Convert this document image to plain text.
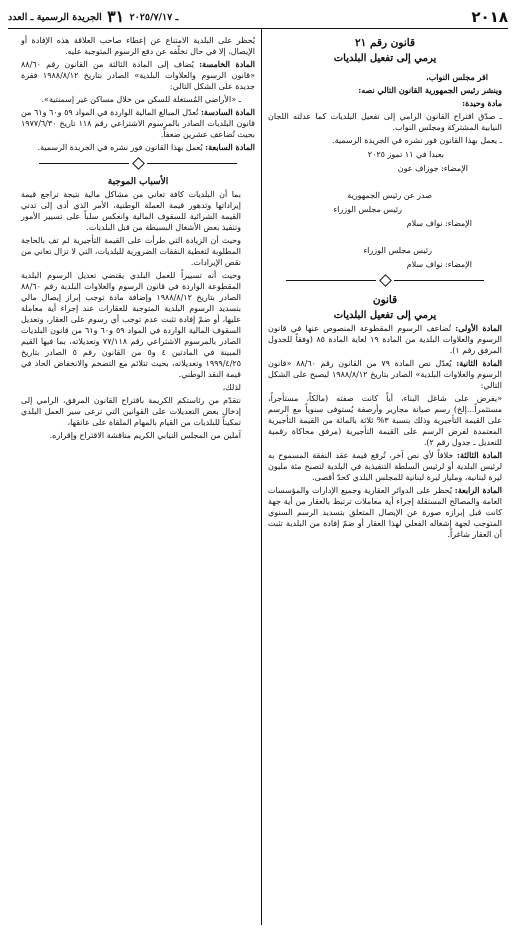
٢٠١٨
ـ ٢٠٢٥/٧/١٧ ٣١ الجريدة الرسمية ـ العدد
قانون رقم ٢١
يرمي إلى تفعيل البلديات

اقر مجلس النواب،

وينشر رئيس الجمهورية القانون التالي نصه:

مادة وحيدة:

ـ صدّق اقتراح القانون الرامي إلى تفعيل البلديات كما عدلته اللجان النيابية المشتركة ومجلس النواب.

ـ يعمل بهذا القانون فور نشره في الجريدة الرسمية.

بعبدا في ١١ تموز ٢٠٢٥
الإمضاء: جوزاف عون
صدر عن رئيس الجمهورية
رئيس مجلس الوزراء
الإمضاء: نواف سلام
رئيس مجلس الوزراء
الإمضاء: نواف سلام
قانون
يرمي إلى تفعيل البلديات

المادة الأولى: تُضاعف الرسوم المقطوعة المنصوص عنها في قانون الرسوم والعلاوات البلدية من المادة ١٩ لغاية المادة ٨٥ (وفقاً للجدول المرفق رقم ١).

المادة الثانية: يُعدّل نص المادة ٧٩ من القانون رقم ٨٨/٦٠ «قانون الرسوم والعلاوات البلدية» الصادر بتاريخ ١٩٨٨/٨/١٢ ليصبح على الشكل التالي:

«يفرض على شاغل البناء، أياً كانت صفته (مالكاً، مستأجراً، مستثمراً...إلخ) رسم صيانة مجارير وأرصفة يُستوفى سنوياً مع الرسم على القيمة التأجيرية وذلك بنسبة ٣% ثلاثة بالمائة من القيمة التأجيرية المعتمدة لفرض الرسم على القيمة التأجيرية (مرفق محاكاة رقمية للتعديل ـ جدول رقم ٢).

المادة الثالثة: خلافاً لأي نص آخر، تُرفع قيمة عقد النفقة المسموح به لرئيس البلدية أو لرئيس السلطة التنفيذية في البلدية لتصبح مئة مليون ليرة لبنانية، ومليار ليرة لبنانية للمجلس البلدي كحدّ أقصى.

المادة الرابعة: يُحظر على الدوائر العقارية وجميع الإدارات والمؤسسات العامة والمصالح المستقلة إجراء أية معاملات ترتبط بالعقار من أية جهة كانت قبل إبرازه صورة عن الإيصال المتعلق بتسديد الرسم السنوي المتوجب لجهة إشغاله الفعلي لهذا العقار أو ضمّ إفادة من البلدية تثبت أن العقار شاغراً.

يُحظر على البلدية الامتناع عن إعطاء صاحب العلاقة هذه الإفادة أو الإيصال، إلا في حال تخلّفه عن دفع الرسوم المتوجبة عليه.

المادة الخامسة: يُضاف إلى المادة الثالثة من القانون رقم ٨٨/٦٠ «قانون الرسوم والعلاوات البلدية» الصادر بتاريخ ١٩٨٨/٨/١٢ فقرة جديدة على الشكل التالي:

ـ «الأراضي المُستغلة للسكن من خلال مساكن غير إسمنتية».

المادة السادسة: تُعدّل المبالغ المالية الواردة في المواد ٥٩ و٦٠ و٦١ من قانون البلديات الصادر بالمرسوم الاشتراعي رقم ١١٨ تاريخ ١٩٧٧/٦/٣٠ بحيث تُضاعف عشرين ضعفاً.

المادة السابعة: يُعمل بهذا القانون فور نشره في الجريدة الرسمية.

الأسباب الموجبة

بما أن البلديات كافة تعاني من مشاكل مالية نتيجة تراجع قيمة إيراداتها وتدهور قيمة العملة الوطنية، الأمر الذي أدى إلى تدني القيمة الشرائية للسقوف المالية وانعكس سلباً على تسيير الأمور وتنفيذ بعض الأشغال البسيطة من قبل البلديات.

وحيث أن الزيادة التي طرأت على القيمة التأجيرية لم تف بالحاجة المطلوبة لتغطية النفقات الضرورية للبلديات، التي لا تزال تعاني من نقص الإيرادات.

وحيث أنه تسييراً للعمل البلدي يقتضي تعديل الرسوم البلدية المقطوعة الواردة في قانون الرسوم والعلاوات البلدية رقم ٨٨/٦٠ الصادر بتاريخ ١٩٨٨/٨/١٢ وإضافة مادة توجب إبراز إيصال مالي بتسديد الرسوم البلدية المتوجبة للعقارات عند إجراء أية معاملة عليها، أو ضمّ إفادة تثبت عدم توجب أي رسوم على العقار، وتعديل السقوف المالية الواردة في المواد ٥٩ و٦٠ و٦١ من قانون البلديات الصادر بالمرسوم الاشتراعي رقم ٧٧/١١٨ وتعديلاته، بما فيها القيم المبينة في المادتين ٤ و٥ من القانون رقم ٥ الصادر بتاريخ ١٩٩٩/٤/٢٥ وتعديلاته، بحيث تتلائم مع التضخم والانخفاض الحاد في قيمة النقد الوطني.

لذلك،

نتقدّم من رئاستكم الكريمة باقتراح القانون المرفق، الرامي إلى إدخال بعض التعديلات على القوانين التي ترعى سير العمل البلدي تمكيناً للبلديات من القيام بالمهام الملقاة على عاتقها،

آملين من المجلس النيابي الكريم مناقشة الاقتراح وإقراره.
